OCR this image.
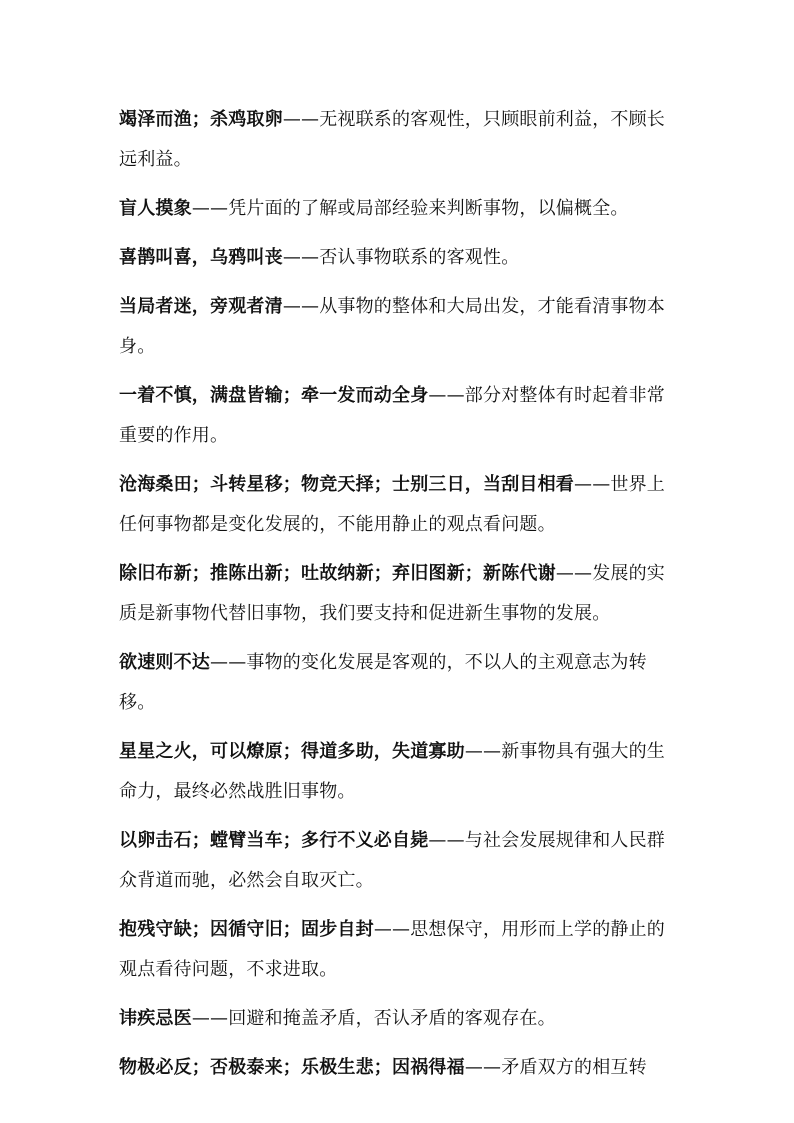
竭泽而渔；杀鸡取卵——无视联系的客观性，只顾眼前利益，不顾长远利益。

盲人摸象——凭片面的了解或局部经验来判断事物，以偏概全。

喜鹊叫喜，乌鸦叫丧——否认事物联系的客观性。

当局者迷，旁观者清——从事物的整体和大局出发，才能看清事物本身。

一着不慎，满盘皆输；牵一发而动全身——部分对整体有时起着非常重要的作用。

沧海桑田；斗转星移；物竞天择；士别三日，当刮目相看——世界上任何事物都是变化发展的，不能用静止的观点看问题。

除旧布新；推陈出新；吐故纳新；弃旧图新；新陈代谢——发展的实质是新事物代替旧事物，我们要支持和促进新生事物的发展。

欲速则不达——事物的变化发展是客观的，不以人的主观意志为转移。

星星之火，可以燎原；得道多助，失道寡助——新事物具有强大的生命力，最终必然战胜旧事物。

以卵击石；螳臂当车；多行不义必自毙——与社会发展规律和人民群众背道而驰，必然会自取灭亡。

抱残守缺；因循守旧；固步自封——思想保守，用形而上学的静止的观点看待问题，不求进取。

讳疾忌医——回避和掩盖矛盾，否认矛盾的客观存在。

物极必反；否极泰来；乐极生悲；因祸得福——矛盾双方的相互转
